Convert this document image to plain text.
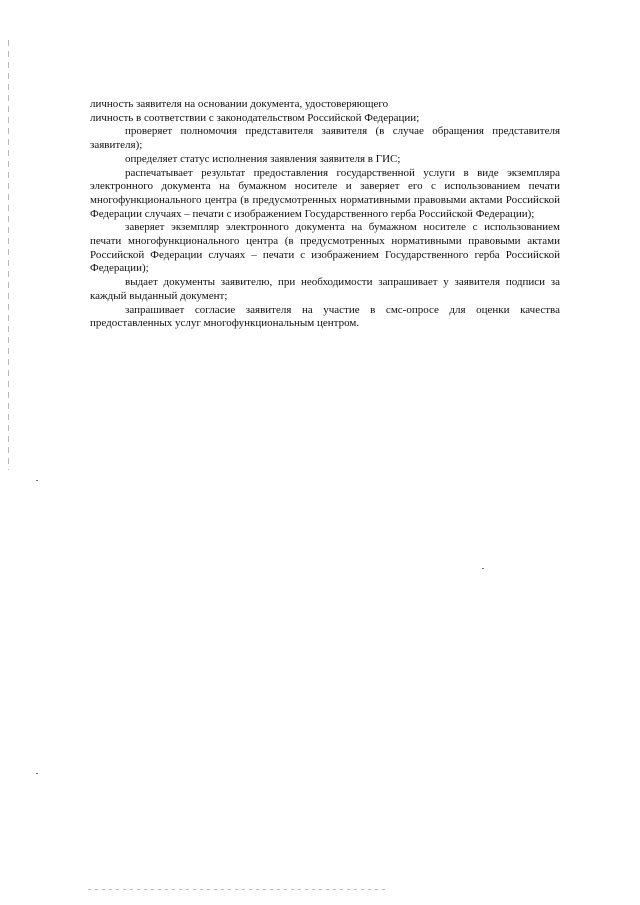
личность заявителя на основании документа, удостоверяющего
личность в соответствии с законодательством Российской Федерации;

проверяет полномочия представителя заявителя (в случае обращения представителя заявителя);

определяет статус исполнения заявления заявителя в ГИС;

распечатывает результат предоставления государственной услуги в виде экземпляра электронного документа на бумажном носителе и заверяет его с использованием печати многофункционального центра (в предусмотренных нормативными правовыми актами Российской Федерации случаях – печати с изображением Государственного герба Российской Федерации);

заверяет экземпляр электронного документа на бумажном носителе с использованием печати многофункционального центра (в предусмотренных нормативными правовыми актами Российской Федерации случаях – печати с изображением Государственного герба Российской Федерации);

выдает документы заявителю, при необходимости запрашивает у заявителя подписи за каждый выданный документ;

запрашивает согласие заявителя на участие в смс-опросе для оценки качества предоставленных услуг многофункциональным центром.
